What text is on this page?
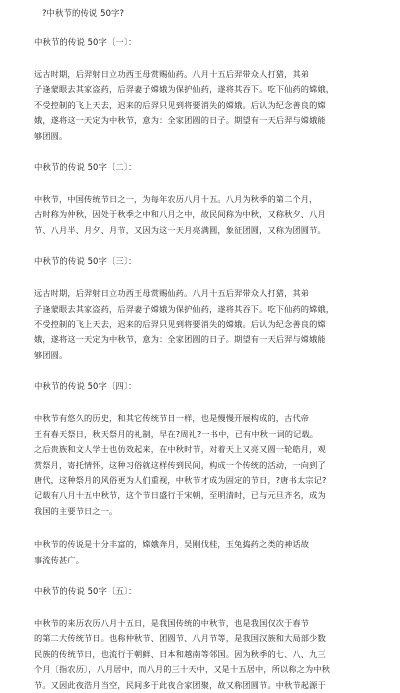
?中秋节的传说 50字?
中秋节的传说 50字〔一〕：
远古时期，后羿射日立功西王母赏赐仙药。八月十五后羿带众人打猎，其弟
子逢蒙眼去其家盗药，后羿妻子嫦娥为保护仙药，遂将其吞下。吃下仙药的嫦娥，
不受控制的飞上天去，迟来的后羿只见到将要消失的嫦娥。后认为纪念善良的嫦
娥，遂将这一天定为中秋节，意为：全家团圆的日子。期望有一天后羿与嫦娥能
够团圆。
中秋节的传说 50字〔二〕：
中秋节，中国传统节日之一，为每年农历八月十五。八月为秋季的第二个月，
古时称为仲秋，因处于秋季之中和八月之中，故民间称为中秋，又称秋夕、八月
节、八月半、月夕、月节，又因为这一天月亮满圆，象征团圆，又称为团圆节。
中秋节的传说 50字〔三〕：
远古时期，后羿射日立功西王母赏赐仙药。八月十五后羿带众人打猎，其弟
子逢蒙眼去其家盗药，后羿妻子嫦娥为保护仙药，遂将其吞下。吃下仙药的嫦娥，
不受控制的飞上天去，迟来的后羿只见到将要消失的嫦娥。后认为纪念善良的嫦
娥，遂将这一天定为中秋节，意为：全家团圆的日子。期望有一天后羿与嫦娥能
够团圆。
中秋节的传说 50字〔四〕：
中秋节有悠久的历史，和其它传统节日一样，也是慢慢开展构成的，古代帝
王有春天祭日，秋天祭月的礼制，早在?周礼?一书中，已有中秋一词的记载。
之后贵族和文人学士也仿效起来，在中秋时节，对着天上又亮又圆一轮皓月，观
赏祭月，寄托情怀，这种习俗就这样传到民间，构成一个传统的活动，一向到了
唐代，这种祭月的风俗更为人们重视，中秋节才成为固定的节日，?唐书太宗记?
记载有八月十五中秋节，这个节日盛行于宋朝，至明清时，已与元旦齐名，成为
我国的主要节日之一。
中秋节的传说是十分丰富的，嫦娥奔月，吴刚伐桂，玉兔捣药之类的神话故
事流传甚广。
中秋节的传说 50字〔五〕：
中秋节的来历农历八月十五日，是我国传统的中秋节，也是我国仅次于春节
的第二大传统节日。也称仲秋节、团圆节、八月节等，是我国汉族和大局部少数
民族的传统节日，也流行于朝鲜、日本和越南等邻国。因为秋季的七、八、九三
个月〔指农历〕，八月居中，而八月的三十天中，又是十五居中，所以称之为中秋
节。又因此夜浩月当空，民间多于此夜合家团聚，故又称团圆节。中秋节起源于
